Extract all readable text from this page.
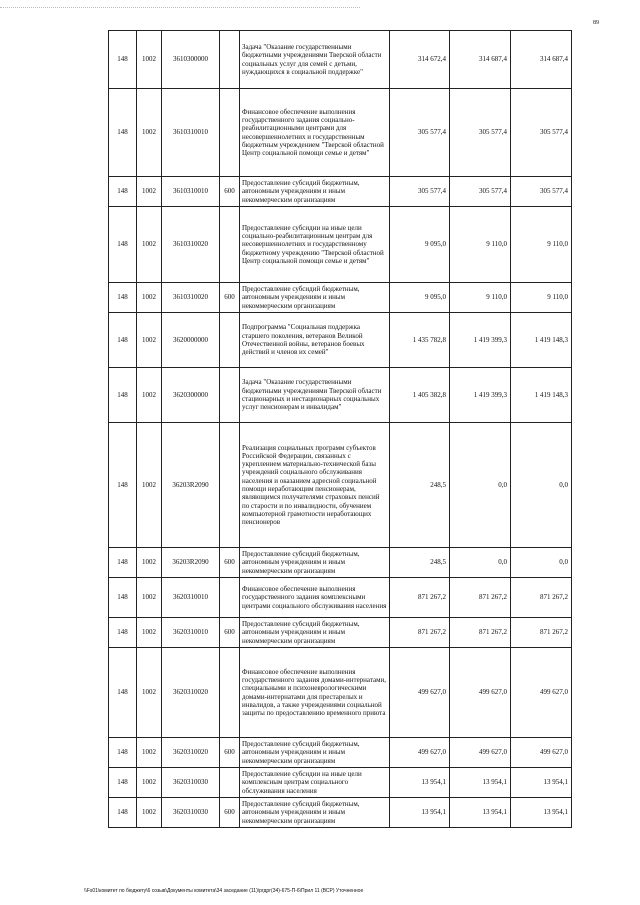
89
148	1002	3610300000		Задача "Оказание государственными бюджетными учреждениями Тверской области социальных услуг для семей с детьми, нуждающихся в социальной поддержке"	314 672,4	314 687,4	314 687,4
148	1002	3610310010		Финансовое обеспечение выполнения государственного задания социально-реабилитационными центрами для несовершеннолетних и государственным бюджетным учреждением "Тверской областной Центр социальной помощи семье и детям"	305 577,4	305 577,4	305 577,4
148	1002	3610310010	600	Предоставление субсидий бюджетным, автономным учреждениям и иным некоммерческим организациям	305 577,4	305 577,4	305 577,4
148	1002	3610310020		Предоставление субсидии на иные цели социально-реабилитационным центрам для несовершеннолетних и государственному бюджетному учреждению "Тверской областной Центр социальной помощи семье и детям"	9 095,0	9 110,0	9 110,0
148	1002	3610310020	600	Предоставление субсидий бюджетным, автономным учреждениям и иным некоммерческим организациям	9 095,0	9 110,0	9 110,0
148	1002	3620000000		Подпрограмма "Социальная поддержка старшего поколения, ветеранов Великой Отечественной войны, ветеранов боевых действий и членов их семей"	1 435 782,8	1 419 399,3	1 419 148,3
148	1002	3620300000		Задача "Оказание государственными бюджетными учреждениями Тверской области стационарных и нестационарных социальных услуг пенсионерам и инвалидам"	1 405 382,8	1 419 399,3	1 419 148,3
148	1002	36203R2090		Реализация социальных программ субъектов Российской Федерации, связанных с укреплением материально-технической базы учреждений социального обслуживания населения и оказанием адресной социальной помощи неработающим пенсионерам, являющимся получателями страховых пенсий по старости и по инвалидности, обучением компьютерной грамотности неработающих пенсионеров	248,5	0,0	0,0
148	1002	36203R2090	600	Предоставление субсидий бюджетным, автономным учреждениям и иным некоммерческим организациям	248,5	0,0	0,0
148	1002	3620310010		Финансовое обеспечение выполнения государственного задания комплексными центрами социального обслуживания населения	871 267,2	871 267,2	871 267,2
148	1002	3620310010	600	Предоставление субсидий бюджетным, автономным учреждениям и иным некоммерческим организациям	871 267,2	871 267,2	871 267,2
148	1002	3620310020		Финансовое обеспечение выполнения государственного задания домами-интернатами, специальными и психоневрологическими домами-интернатами для престарелых и инвалидов, а также учреждениями социальной защиты по предоставлению временного приюта	499 627,0	499 627,0	499 627,0
148	1002	3620310020	600	Предоставление субсидий бюджетным, автономным учреждениям и иным некоммерческим организациям	499 627,0	499 627,0	499 627,0
148	1002	3620310030		Предоставление субсидии на иные цели комплексным центрам социального обслуживания населения	13 954,1	13 954,1	13 954,1
148	1002	3620310030	600	Предоставление субсидий бюджетным, автономным учреждениям и иным некоммерческим организациям	13 954,1	13 954,1	13 954,1
\\Fs01\комитет по бюджету\6 созыв\Документы комитета\34 заседание (11)\ргдрг(34)-675-П-6\Прил 11 (ВСР) Уточненное
